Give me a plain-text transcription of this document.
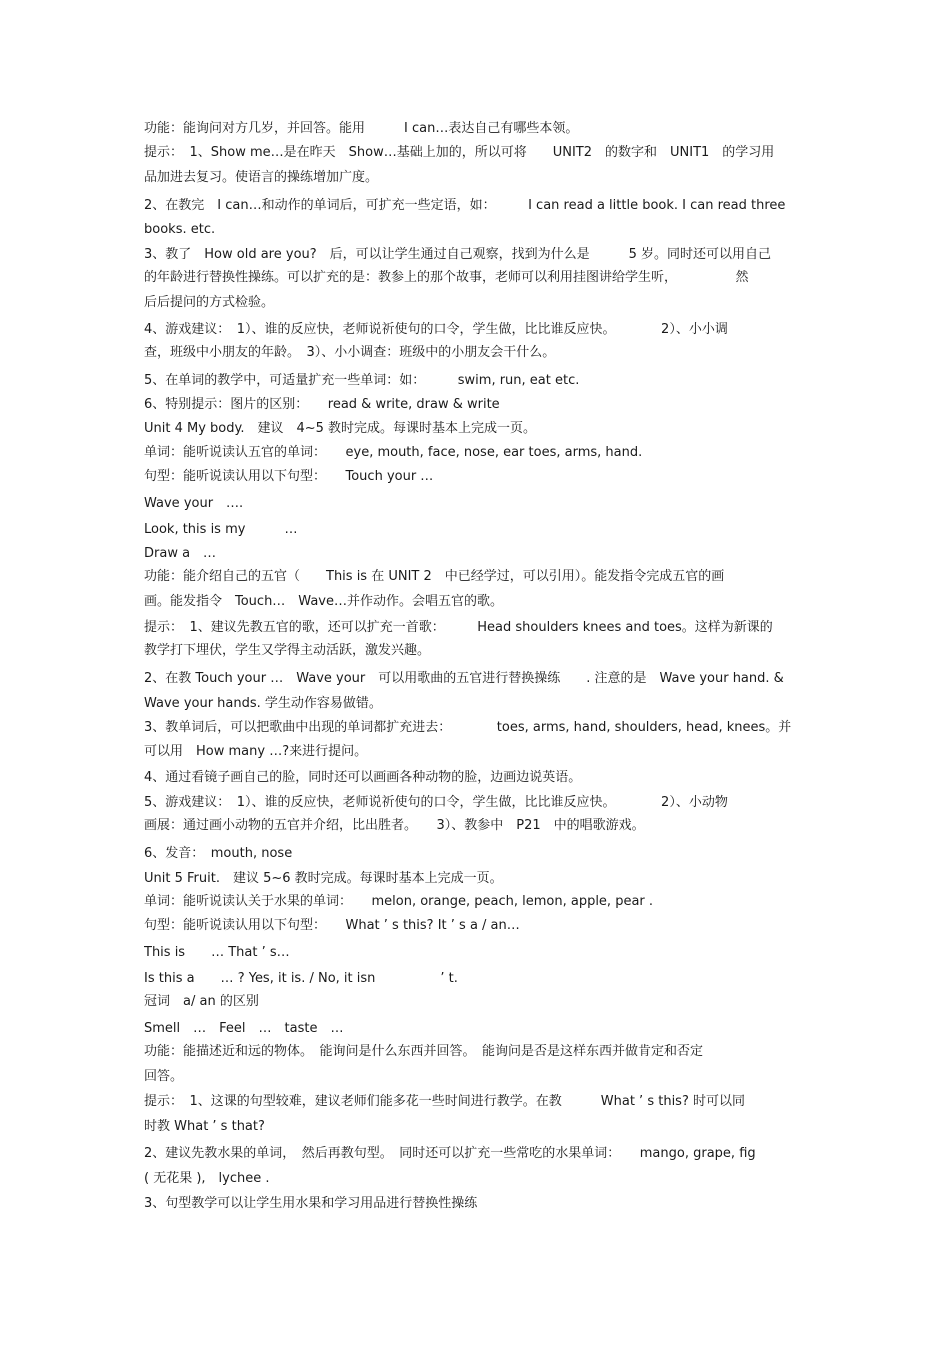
功能：能询问对方几岁，并回答。能用　　　I can…表达自己有哪些本领。
提示：　1、Show me…是在昨天　Show…基础上加的，所以可将　　UNIT2　的数字和　UNIT1　的学习用
品加进去复习。使语言的操练增加广度。
2、在教完　I can…和动作的单词后，可扩充一些定语，如：　　　I can read a little book. I can read three
books. etc.
3、教了　How old are you?　后，可以让学生通过自己观察，找到为什么是　　　5 岁。同时还可以用自己
的年龄进行替换性操练。可以扩充的是：教参上的那个故事，老师可以利用挂图讲给学生听，　　　　　然
后后提问的方式检验。
4、游戏建议：　1）、谁的反应快，老师说祈使句的口令，学生做，比比谁反应快。　　　　2）、小小调
查，班级中小朋友的年龄。　3）、小小调查：班级中的小朋友会干什么。
5、在单词的教学中，可适量扩充一些单词：如：　　　swim, run, eat etc.
6、特别提示：图片的区别：　　read & write, draw & write
Unit 4 My body.　建议　4~5 教时完成。每课时基本上完成一页。
单词：能听说读认五官的单词：　　eye, mouth, face, nose, ear toes, arms, hand.
句型：能听说读认用以下句型：　　Touch your …
Wave your　….
Look, this is my　　　…
Draw a　…
功能：能介绍自己的五官（　　This is 在 UNIT 2　中已经学过，可以引用）。能发指令完成五官的画
画。能发指令　Touch…　Wave…并作动作。会唱五官的歌。
提示：　1、建议先教五官的歌，还可以扩充一首歌：　　　Head shoulders knees and toes。这样为新课的
教学打下埋伏，学生又学得主动活跃，激发兴趣。
2、在教 Touch your …　Wave your　可以用歌曲的五官进行替换操练　　. 注意的是　Wave your hand. &
Wave your hands. 学生动作容易做错。
3、教单词后，可以把歌曲中出现的单词都扩充进去：　　　　toes, arms, hand, shoulders, head, knees。并
可以用　How many …?来进行提问。
4、通过看镜子画自己的脸，同时还可以画画各种动物的脸，边画边说英语。
5、游戏建议：　1）、谁的反应快，老师说祈使句的口令，学生做，比比谁反应快。　　　　2）、小动物
画展：通过画小动物的五官并介绍，比出胜者。　　3）、教参中　P21　中的唱歌游戏。
6、发音：　mouth, nose
Unit 5 Fruit.　建议 5~6 教时完成。每课时基本上完成一页。
单词：能听说读认关于水果的单词：　　melon, orange, peach, lemon, apple, pear .
句型：能听说读认用以下句型：　　What ’ s this? It ’ s a / an…
This is　　… That ’ s…
Is this a　　… ? Yes, it is. / No, it isn　　　　　’ t.
冠词　a/ an 的区别
Smell　…　Feel　…　taste　…
功能：能描述近和远的物体。　能询问是什么东西并回答。　能询问是否是这样东西并做肯定和否定
回答。
提示：　1、这课的句型较难，建议老师们能多花一些时间进行教学。在教　　　What ’ s this? 时可以同
时教 What ’ s that?
2、建议先教水果的单词，　然后再教句型。　同时还可以扩充一些常吃的水果单词：　　mango, grape, fig
( 无花果 ),　lychee .
3、句型教学可以让学生用水果和学习用品进行替换性操练
